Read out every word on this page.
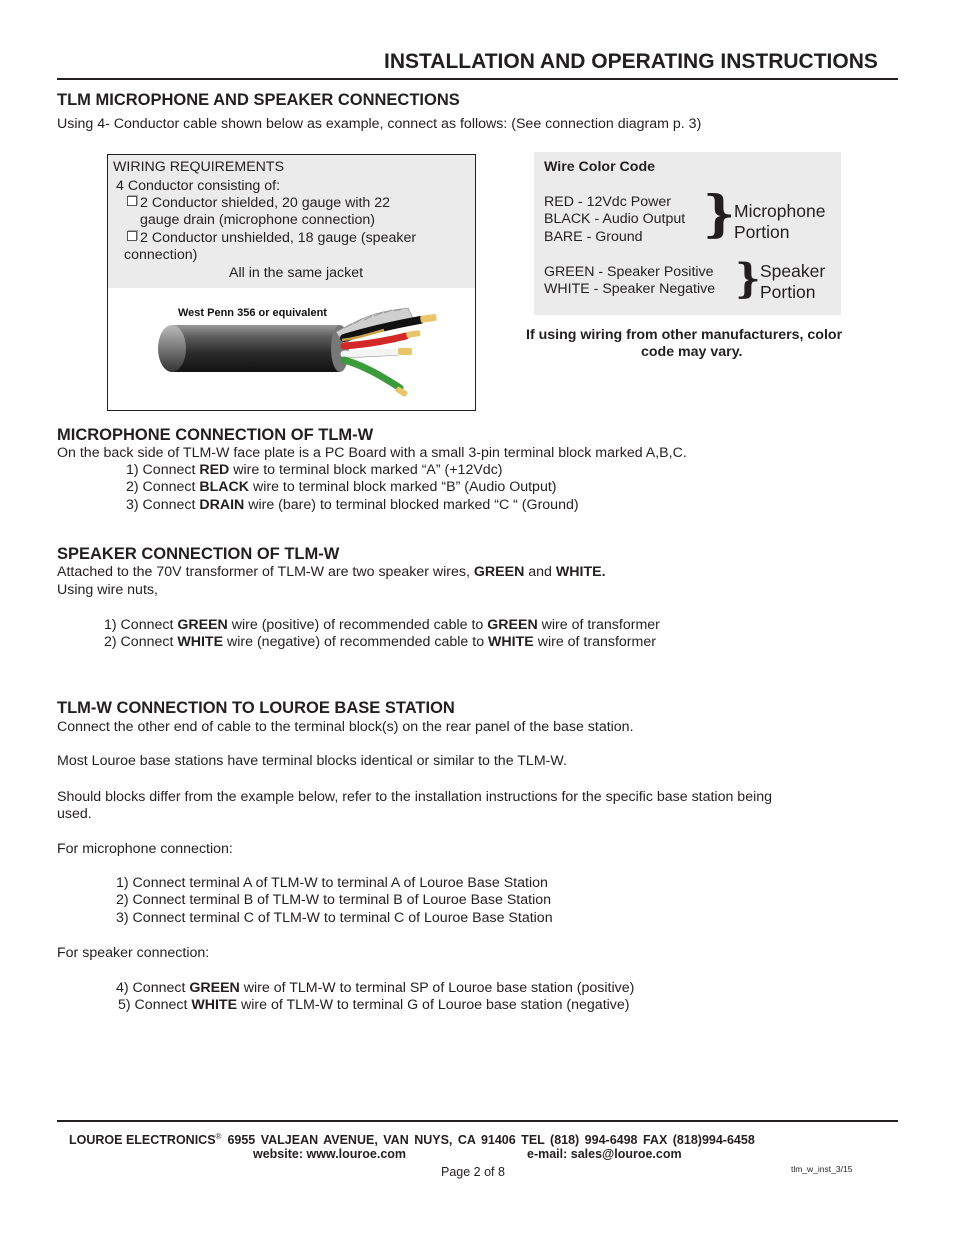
INSTALLATION AND OPERATING INSTRUCTIONS
TLM MICROPHONE AND SPEAKER CONNECTIONS
Using 4- Conductor cable shown below as example, connect as follows: (See connection diagram p. 3)
WIRING REQUIREMENTS
4 Conductor consisting of:
2 Conductor shielded, 20 gauge with 22
gauge drain (microphone connection)
2 Conductor unshielded, 18 gauge (speaker
connection)
All in the same jacket
West Penn 356 or equivalent
Wire Color Code
RED - 12Vdc Power
BLACK - Audio Output
BARE - Ground }
Microphone
Portion
GREEN - Speaker Positive
WHITE - Speaker Negative } Speaker
Portion
If using wiring from other manufacturers, color
code may vary.
MICROPHONE CONNECTION OF TLM-W
On the back side of TLM-W face plate is a PC Board with a small 3-pin terminal block marked A,B,C.
1) Connect RED wire to terminal block marked “A” (+12Vdc)
2) Connect BLACK wire to terminal block marked “B” (Audio Output)
3) Connect DRAIN wire (bare) to terminal blocked marked “C “ (Ground)
SPEAKER CONNECTION OF TLM-W
Attached to the 70V transformer of TLM-W are two speaker wires, GREEN and WHITE.
Using wire nuts,
1) Connect GREEN wire (positive) of recommended cable to GREEN wire of transformer
2) Connect WHITE wire (negative) of recommended cable to WHITE wire of transformer
TLM-W CONNECTION TO LOUROE BASE STATION
Connect the other end of cable to the terminal block(s) on the rear panel of the base station.
Most Louroe base stations have terminal blocks identical or similar to the TLM-W.
Should blocks differ from the example below, refer to the installation instructions for the specific base station being
used.
For microphone connection:
1) Connect terminal A of TLM-W to terminal A of Louroe Base Station
2) Connect terminal B of TLM-W to terminal B of Louroe Base Station
3) Connect terminal C of TLM-W to terminal C of Louroe Base Station
For speaker connection:
4) Connect GREEN wire of TLM-W to terminal SP of Louroe base station (positive)
5) Connect WHITE wire of TLM-W to terminal G of Louroe base station (negative)
LOUROE ELECTRONICS® 6955 VALJEAN AVENUE, VAN NUYS, CA 91406 TEL (818) 994-6498 FAX (818)994-6458
website: www.louroe.com	e-mail: sales@louroe.com
Page 2 of 8	tlm_w_inst_3/15
